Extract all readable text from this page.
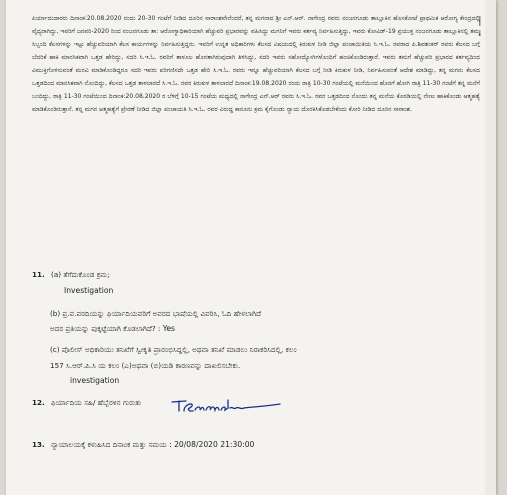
ಪಿರ್ಯಾದುದಾರರು ದಿನಾಂಕ:20.08.2020 ರಂದು 20-30 ಗಂಟೆಗೆ ನೀಡಿದ ದೂರಿನ ಸಾರಾಂಶವೇನೆಂದರೆ, ತನ್ನ ಮಗನಾದ ಶ್ರೀ ಎನ್.ಆರ್. ನಾಗೇಂದ್ರ ರವರು ನಂಜನಗೂಡು ತಾಲ್ಲೂಕಿನ ಹೊಸಕೋಟೆ ಪ್ರಾಥಮಿಕ ಆರೋಗ್ಯ ಕೇಂದ್ರದಲ್ಲಿ ವೈದ್ಯರಾಗಿದ್ದು, ಇವರಿಗೆ ಜನವರಿ-2020 ರಿಂದ ನಂಜನಗೂಡು ತಾ: ಆರೋಗ್ಯಾಧಿಕಾರಿಯಾಗಿ ಹೆಚ್ಚುವರಿ ಪ್ರಭಾರವನ್ನು ವಹಿಸಿದ್ದು ಮಗನಿಗೆ ಇವರು ಕರ್ತವ್ಯ ನಿರ್ವಹಿಸುತ್ತಿದ್ದು, ಇವರು ಕೋವಿಡ್-19 ಪ್ರಯುಕ್ತ ನಂಜನಗೂಡು ತಾಲ್ಲೂಕಿನಲ್ಲಿ ತಮ್ಮ ಸಿಬ್ಬಂದಿ ಕೆಲಸಗಳನ್ನು ಇಟ್ಟು ಹೆಚ್ಚುವರಿಯಾಗಿ ಕೆಲಸ ಕಾರ್ಯಗಳನ್ನು ನಿರ್ವಹಿಸುತ್ತಿದ್ದರು. ಇವರಿಗೆ ಉನ್ನತ ಅಧಿಕಾರಿಗಳು ಕೆಲಸದ ವಿಷಯದಲ್ಲಿ ಕಿರುಕುಳ ನೀಡಿ ಜಿಲ್ಲಾ ಪಂಚಾಯಿತಿಯ ಸಿ.ಇ.ಓ. ರವರಾದ ಪಿ.ಶಿವಶಂಕರ್ ರವರು ಕೆಲಸದ ಬಗ್ಗೆ ಬೆದರಿಕೆ ಹಾಕಿ ಮಾನಸಿಕವಾಗಿ ಒತ್ತಡ ಹೇರಿದ್ದು, ಸದರಿ ಸಿ.ಇ.ಓ. ರವರಿಗೆ ತಾಳೂಲ ಹೊರತಾಗಿರುವುದಾಗಿ ತಿಳಿಸಿದ್ದು, ಸದರಿ ಇವರು ಸಹೋದ್ಯೋಗಿಗಳೊಂದಿಗೆ ಹಂಚಿಕೊಂಡಿರುತ್ತಾರೆ. ಇವರು ತಮಗೆ ಹೆಚ್ಚುವರಿ ಪ್ರಭಾರದ ಕರ್ತವ್ಯದಿಂದ ವಿಮುಕ್ತಿಗೊಳಿಸುವಂತೆ ಮನವಿ ಮಾಡಿಕೊಂಡಿದ್ದರೂ ಸದರಿ ಇವರು ಪರಿಗಣಿಸದೇ ಒತ್ತಡ ಹೇರಿ ಸಿ.ಇ.ಓ. ರವರು ಇನ್ನೂ ಹೆಚ್ಚುವರಿಯಾಗಿ ಕೆಲಸದ ಬಗ್ಗೆ ನೀಡಿ ಕಿರುಕುಳ ನೀಡಿ, ನಿರ್ವಹಿಸುವಂತೆ ಆದೇಶ ಮಾಡಿದ್ದು, ತನ್ನ ಮಗನು ಕೆಲಸದ ಒತ್ತಡದಿಂದ ಮಾನಸಿಕವಾಗಿ ನೊಂದಿದ್ದು, ಕೆಲಸದ ಒತ್ತಡ ತಾಳಲಾರದೆ ಸಿ.ಇ.ಓ. ರವರ ಕಿರುಕುಳ ತಾಳಲಾರದೆ ದಿನಾಂಕ:19.08.2020 ರಂದು ರಾತ್ರಿ 10-30 ಗಂಟೆಯಲ್ಲಿ ಮನೆಯಿಂದ ಹೊರಗೆ ಹೋಗಿ ರಾತ್ರಿ 11-30 ಗಂಟೆಗೆ ತನ್ನ ಮನೆಗೆ ಬಂದಿದ್ದು, ರಾತ್ರಿ 11-30 ಗಂಟೆಯಿಂದ ದಿನಾಂಕ:20.08.2020 ರ ಬೆಳಿಗ್ಗೆ 10-15 ಗಂಟೆಯ ಮಧ್ಯದಲ್ಲಿ ನಾಗೇಂದ್ರ ಎನ್.ಆರ್ ರವರು ಸಿ.ಇ.ಓ. ರವರ ಒತ್ತಡದಿಂದ ನೊಂದು ತನ್ನ ಮನೆಯ ಕೊಠಡಿಯಲ್ಲಿ ನೇಣು ಹಾಕಿಕೊಂಡು ಆತ್ಮಹತ್ಯೆ ಮಾಡಿಕೊಂಡಿರುತ್ತಾನೆ. ತನ್ನ ಮಗನ ಆತ್ಮಹತ್ಯೆಗೆ ಪ್ರೇರಣೆ ನೀಡಿದ ಜಿಲ್ಲಾ ಪಂಚಾಯತಿ ಸಿ.ಇ.ಓ. ರವರ ವಿರುದ್ಧ ಕಾನೂನು ಕ್ರಮ ಕೈಗೊಂಡು ನ್ಯಾಯ ದೊರಕಿಸಿಕೊಡಬೇಕೆಂದು ಕೋರಿ ನೀಡಿದ ದೂರಿನ ಸಾರಾಂಶ.
11. (a) ತೆಗೆದುಕೊಂಡ ಕ್ರಮ;
Investigation
(b) ಪ್ರ.ವ.ವರದಿಯನ್ನು ಫಿರ್ಯಾದಿಯವರಿಗೆ ಅವರದ ಭಾಷೆಯಲ್ಲಿ ವಿವರಿಸಿ, ಓದಿ ಹೇಳಲಾಗಿದೆ
ಅದರ ಪ್ರತಿಯನ್ನು ಪುಕ್ಕಟ್ಟೆಯಾಗಿ ಕೊಡಲಾಗಿದೆ? : Yes
(c) ಪೊಲೀಸ್ ಅಧಿಕಾರಿಯು ತನಿಖೆಗೆ ಸ್ವೀಕೃತಿ ಪ್ರಾರಂಭಿಸಿದ್ದಲ್ಲಿ, ಅಥವಾ ತನಿಖೆ ಮಾಡಲು ನಿರಾಕರಿಸಿದಲ್ಲಿ, ಕಲಂ
157 ಸಿ.ಆರ್.ಪಿ.ಸಿ ಯ ಕಲಂ (ಎ)ಅಥವಾ (ಬಿ)ಯಡಿ ಕಾರಣವನ್ನು ದಾಖಲಿಸಬೇಕು.
investigation
12. ಫಿರ್ಯಾದಿಯ ಸಹಿ/ ಹೆಬ್ಬೆರಳಿನ ಗುರುತು
13. ನ್ಯಾಯಾಲಯಕ್ಕೆ ಕಳುಹಿಸಿದ ದಿನಾಂಕ ಮತ್ತು ಸಮಯ : 20/08/2020 21:30:00
